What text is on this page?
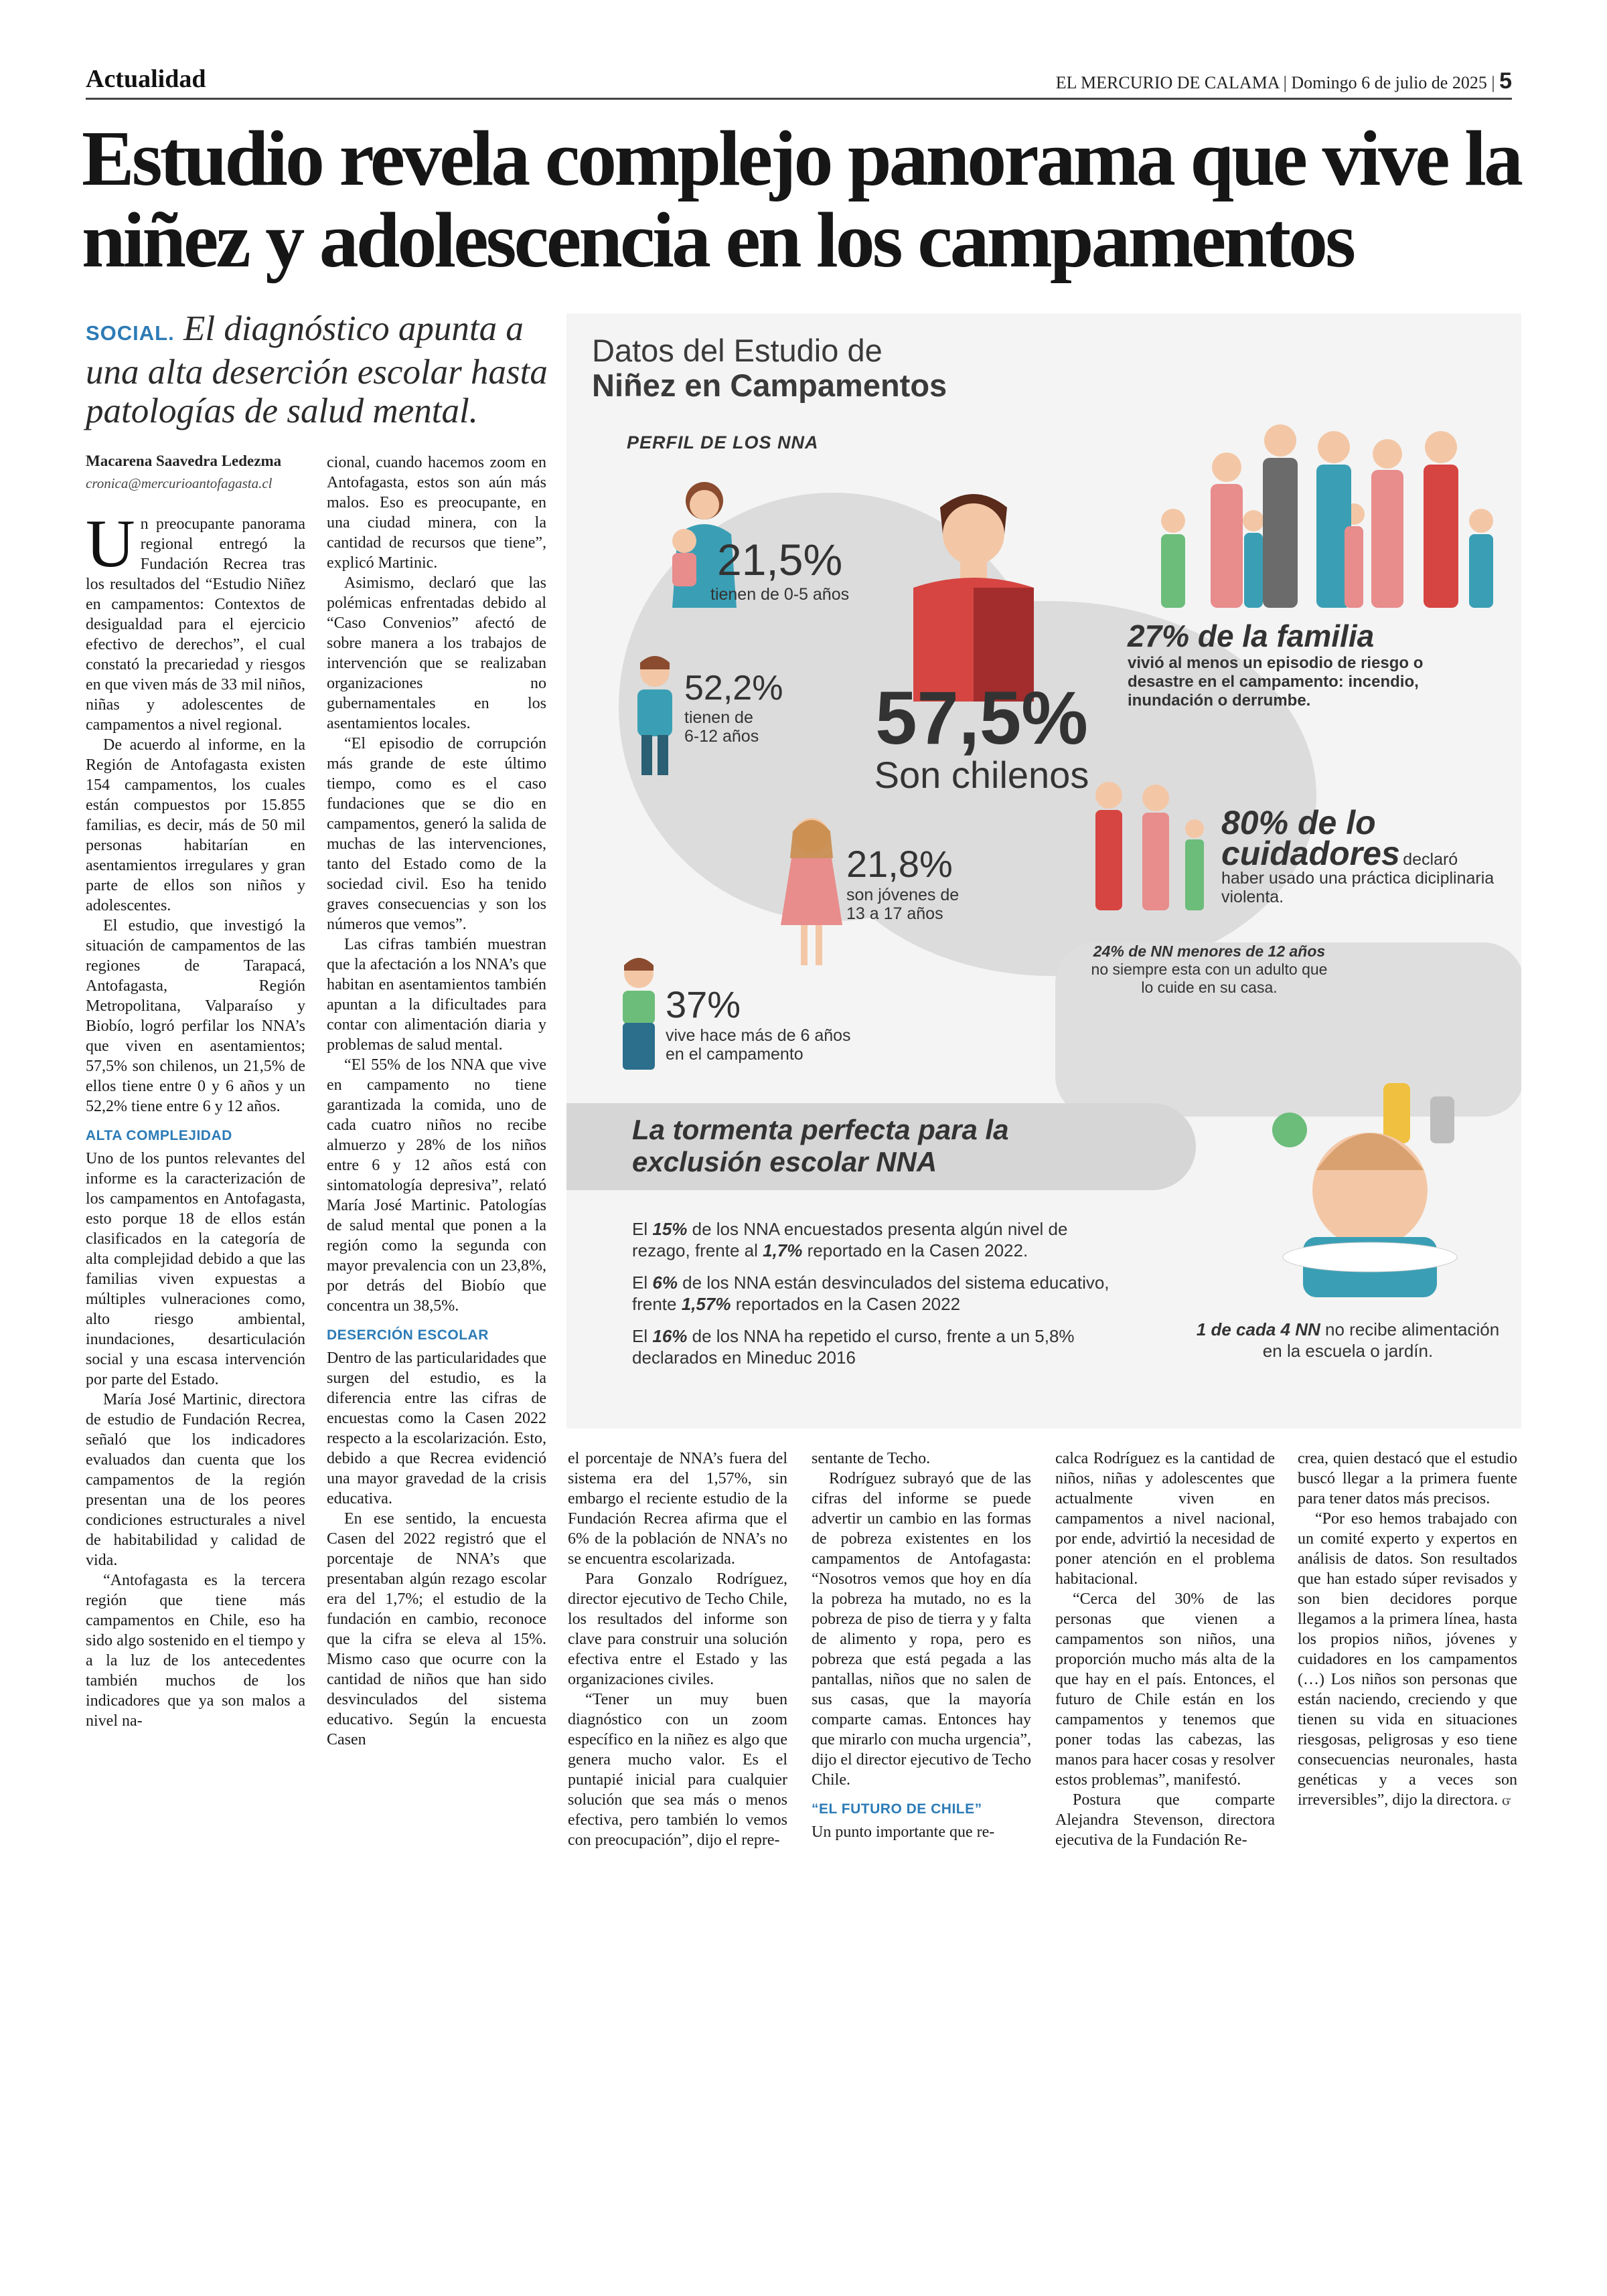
Actualidad	EL MERCURIO DE CALAMA | Domingo 6 de julio de 2025 | 5
Estudio revela complejo panorama que vive la niñez y adolescencia en los campamentos
SOCIAL. El diagnóstico apunta a una alta deserción escolar hasta patologías de salud mental.
Macarena Saavedra Ledezma
cronica@mercurioantofagasta.cl

Un preocupante panorama regional entregó la Fundación Recrea tras los resultados del “Estudio Niñez en campamentos: Contextos de desigualdad para el ejercicio efectivo de derechos”, el cual constató la precariedad y riesgos en que viven más de 33 mil niños, niñas y adolescentes de campamentos a nivel regional.

De acuerdo al informe, en la Región de Antofagasta existen 154 campamentos, los cuales están compuestos por 15.855 familias, es decir, más de 50 mil personas habitarían en asentamientos irregulares y gran parte de ellos son niños y adolescentes.

El estudio, que investigó la situación de campamentos de las regiones de Tarapacá, Antofagasta, Región Metropolitana, Valparaíso y Biobío, logró perfilar los NNA’s que viven en asentamientos; 57,5% son chilenos, un 21,5% de ellos tiene entre 0 y 6 años y un 52,2% tiene entre 6 y 12 años.

ALTA COMPLEJIDAD

Uno de los puntos relevantes del informe es la caracterización de los campamentos en Antofagasta, esto porque 18 de ellos están clasificados en la categoría de alta complejidad debido a que las familias viven expuestas a múltiples vulneraciones como, alto riesgo ambiental, inundaciones, desarticulación social y una escasa intervención por parte del Estado.

María José Martinic, directora de estudio de Fundación Recrea, señaló que los indicadores evaluados dan cuenta que los campamentos de la región presentan una de los peores condiciones estructurales a nivel de habitabilidad y calidad de vida.

“Antofagasta es la tercera región que tiene más campamentos en Chile, eso ha sido algo sostenido en el tiempo y a la luz de los antecedentes también muchos de los indicadores que ya son malos a nivel na-

cional, cuando hacemos zoom en Antofagasta, estos son aún más malos. Eso es preocupante, en una ciudad minera, con la cantidad de recursos que tiene”, explicó Martinic.

Asimismo, declaró que las polémicas enfrentadas debido al “Caso Convenios” afectó de sobre manera a los trabajos de intervención que se realizaban organizaciones no gubernamentales en los asentamientos locales.

“El episodio de corrupción más grande de este último tiempo, como es el caso fundaciones que se dio en campamentos, generó la salida de muchas de las intervenciones, tanto del Estado como de la sociedad civil. Eso ha tenido graves consecuencias y son los números que vemos”.

Las cifras también muestran que la afectación a los NNA’s que habitan en asentamientos también apuntan a la dificultades para contar con alimentación diaria y problemas de salud mental.

“El 55% de los NNA que vive en campamento no tiene garantizada la comida, uno de cada cuatro niños no recibe almuerzo y 28% de los niños entre 6 y 12 años está con sintomatología depresiva”, relató María José Martinic. Patologías de salud mental que ponen a la región como la segunda con mayor prevalencia con un 23,8%, por detrás del Biobío que concentra un 38,5%.

DESERCIÓN ESCOLAR

Dentro de las particularidades que surgen del estudio, es la diferencia entre las cifras de encuestas como la Casen 2022 respecto a la escolarización. Esto, debido a que Recrea evidenció una mayor gravedad de la crisis educativa.

En ese sentido, la encuesta Casen del 2022 registró que el porcentaje de NNA’s que presentaban algún rezago escolar era del 1,7%; el estudio de la fundación en cambio, reconoce que la cifra se eleva al 15%. Mismo caso que ocurre con la cantidad de niños que han sido desvinculados del sistema educativo. Según la encuesta Casen

el porcentaje de NNA’s fuera del sistema era del 1,57%, sin embargo el reciente estudio de la Fundación Recrea afirma que el 6% de la población de NNA’s no se encuentra escolarizada.

Para Gonzalo Rodríguez, director ejecutivo de Techo Chile, los resultados del informe son clave para construir una solución efectiva entre el Estado y las organizaciones civiles.

“Tener un muy buen diagnóstico con un zoom específico en la niñez es algo que genera mucho valor. Es el puntapié inicial para cualquier solución que sea más o menos efectiva, pero también lo vemos con preocupación”, dijo el repre-

sentante de Techo.

Rodríguez subrayó que de las cifras del informe se puede advertir un cambio en las formas de pobreza existentes en los campamentos de Antofagasta: “Nosotros vemos que hoy en día la pobreza ha mutado, no es la pobreza de piso de tierra y y falta de alimento y ropa, pero es pobreza que está pegada a las pantallas, niños que no salen de sus casas, que la mayoría comparte camas. Entonces hay que mirarlo con mucha urgencia”, dijo el director ejecutivo de Techo Chile.

“EL FUTURO DE CHILE”

Un punto importante que re-

calca Rodríguez es la cantidad de niños, niñas y adolescentes que actualmente viven en campamentos a nivel nacional, por ende, advirtió la necesidad de poner atención en el problema habitacional.

“Cerca del 30% de las personas que vienen a campamentos son niños, una proporción mucho más alta de la que hay en el país. Entonces, el futuro de Chile están en los campamentos y tenemos que poner todas las cabezas, las manos para hacer cosas y resolver estos problemas”, manifestó.

Postura que comparte Alejandra Stevenson, directora ejecutiva de la Fundación Re-

crea, quien destacó que el estudio buscó llegar a la primera fuente para tener datos más precisos.

“Por eso hemos trabajado con un comité experto y expertos en análisis de datos. Son resultados que han estado súper revisados y son bien decidores porque llegamos a la primera línea, hasta los propios niños, jóvenes y cuidadores en los campamentos (…) Los niños son personas que están naciendo, creciendo y que tienen su vida en situaciones riesgosas, peligrosas y eso tiene consecuencias neuronales, hasta genéticas y a veces son irreversibles”, dijo la directora. ᏻ

Datos del Estudio de
Niñez en Campamentos
PERFIL DE LOS NNA
21,5%
tienen de 0-5 años
52,2%
tienen de
6-12 años	57,5%
Son chilenos
21,8%
son jóvenes de
13 a 17 años
37%
vive hace más de 6 años
en el campamento
27% de la familia
vivió al menos un episodio de riesgo o desastre en el campamento: incendio, inundación o derrumbe.
80% de lo
cuidadores declaró
haber usado una práctica diciplinaria violenta.
24% de NN menores de 12 años no siempre esta con un adulto que lo cuide en su casa.
La tormenta perfecta para la
exclusión escolar NNA
El 15% de los NNA encuestados presenta algún nivel de rezago, frente al 1,7% reportado en la Casen 2022.
El 6% de los NNA están desvinculados del sistema educativo, frente 1,57% reportados en la Casen 2022
El 16% de los NNA ha repetido el curso, frente a un 5,8% declarados en Mineduc 2016
1 de cada 4 NN no recibe alimentación en la escuela o jardín.
